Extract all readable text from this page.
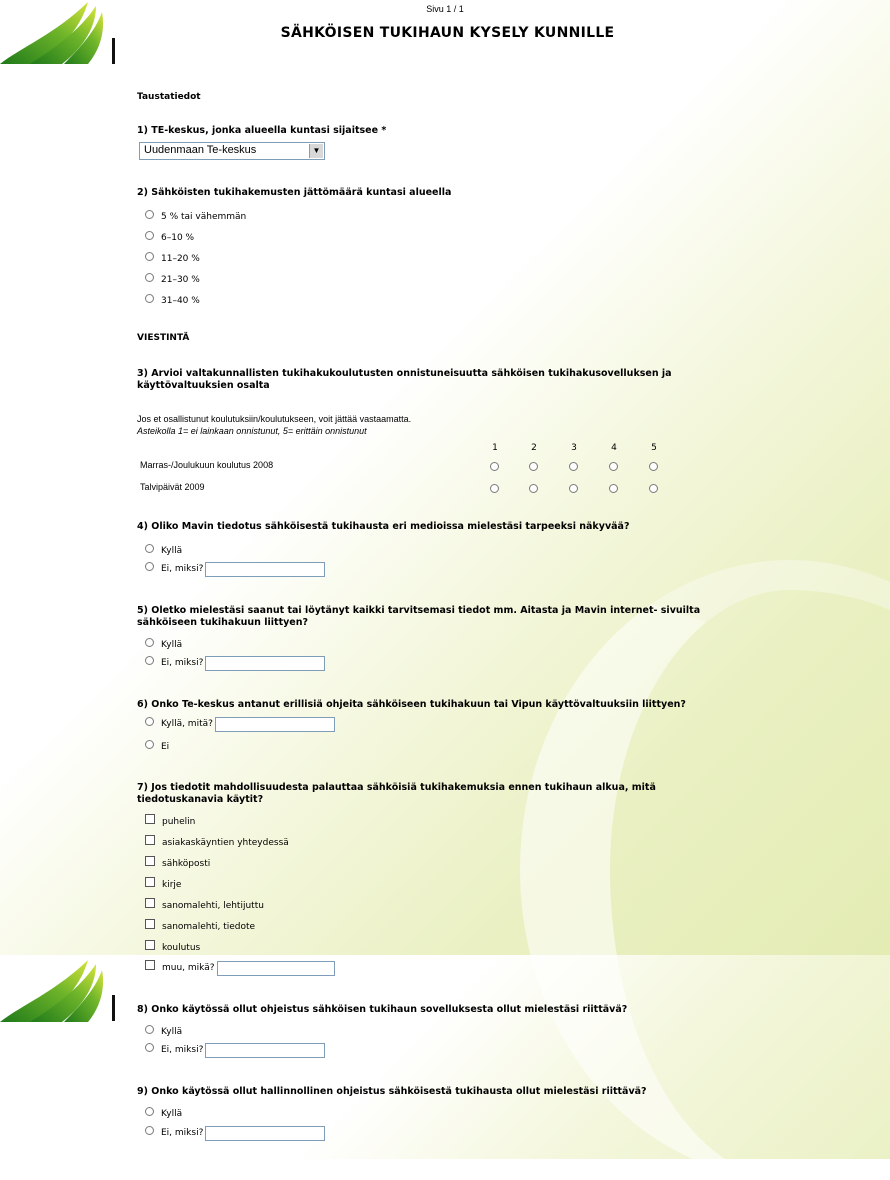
Sivu 1 / 1
SÄHKÖISEN TUKIHAUN KYSELY KUNNILLE
Taustatiedot
1) TE-keskus, jonka alueella kuntasi sijaitsee *
Uudenmaan Te-keskus	▼
2) Sähköisten tukihakemusten jättömäärä kuntasi alueella
5 % tai vähemmän
6–10 %
11–20 %
21–30 %
31–40 %
VIESTINTÄ
3) Arvioi valtakunnallisten tukihakukoulutusten onnistuneisuutta sähköisen tukihakusovelluksen ja käyttövaltuuksien osalta
Jos et osallistunut koulutuksiin/koulutukseen, voit jättää vastaamatta.
Asteikolla 1= ei lainkaan onnistunut, 5= erittäin onnistunut
1	2	3	4	5
Marras-/Joulukuun koulutus 2008
Talvipäivät 2009
4) Oliko Mavin tiedotus sähköisestä tukihausta eri medioissa mielestäsi tarpeeksi näkyvää?
Kyllä
Ei, miksi?
5) Oletko mielestäsi saanut tai löytänyt kaikki tarvitsemasi tiedot mm. Aitasta ja Mavin internet- sivuilta sähköiseen tukihakuun liittyen?
Kyllä
Ei, miksi?
6) Onko Te-keskus antanut erillisiä ohjeita sähköiseen tukihakuun tai Vipun käyttövaltuuksiin liittyen?
Kyllä, mitä?
Ei
7) Jos tiedotit mahdollisuudesta palauttaa sähköisiä tukihakemuksia ennen tukihaun alkua, mitä tiedotuskanavia käytit?
puhelin
asiakaskäyntien yhteydessä
sähköposti
kirje
sanomalehti, lehtijuttu
sanomalehti, tiedote
koulutus
muu, mikä?
8) Onko käytössä ollut ohjeistus sähköisen tukihaun sovelluksesta ollut mielestäsi riittävä?
Kyllä
Ei, miksi?
9) Onko käytössä ollut hallinnollinen ohjeistus sähköisestä tukihausta ollut mielestäsi riittävä?
Kyllä
Ei, miksi?
